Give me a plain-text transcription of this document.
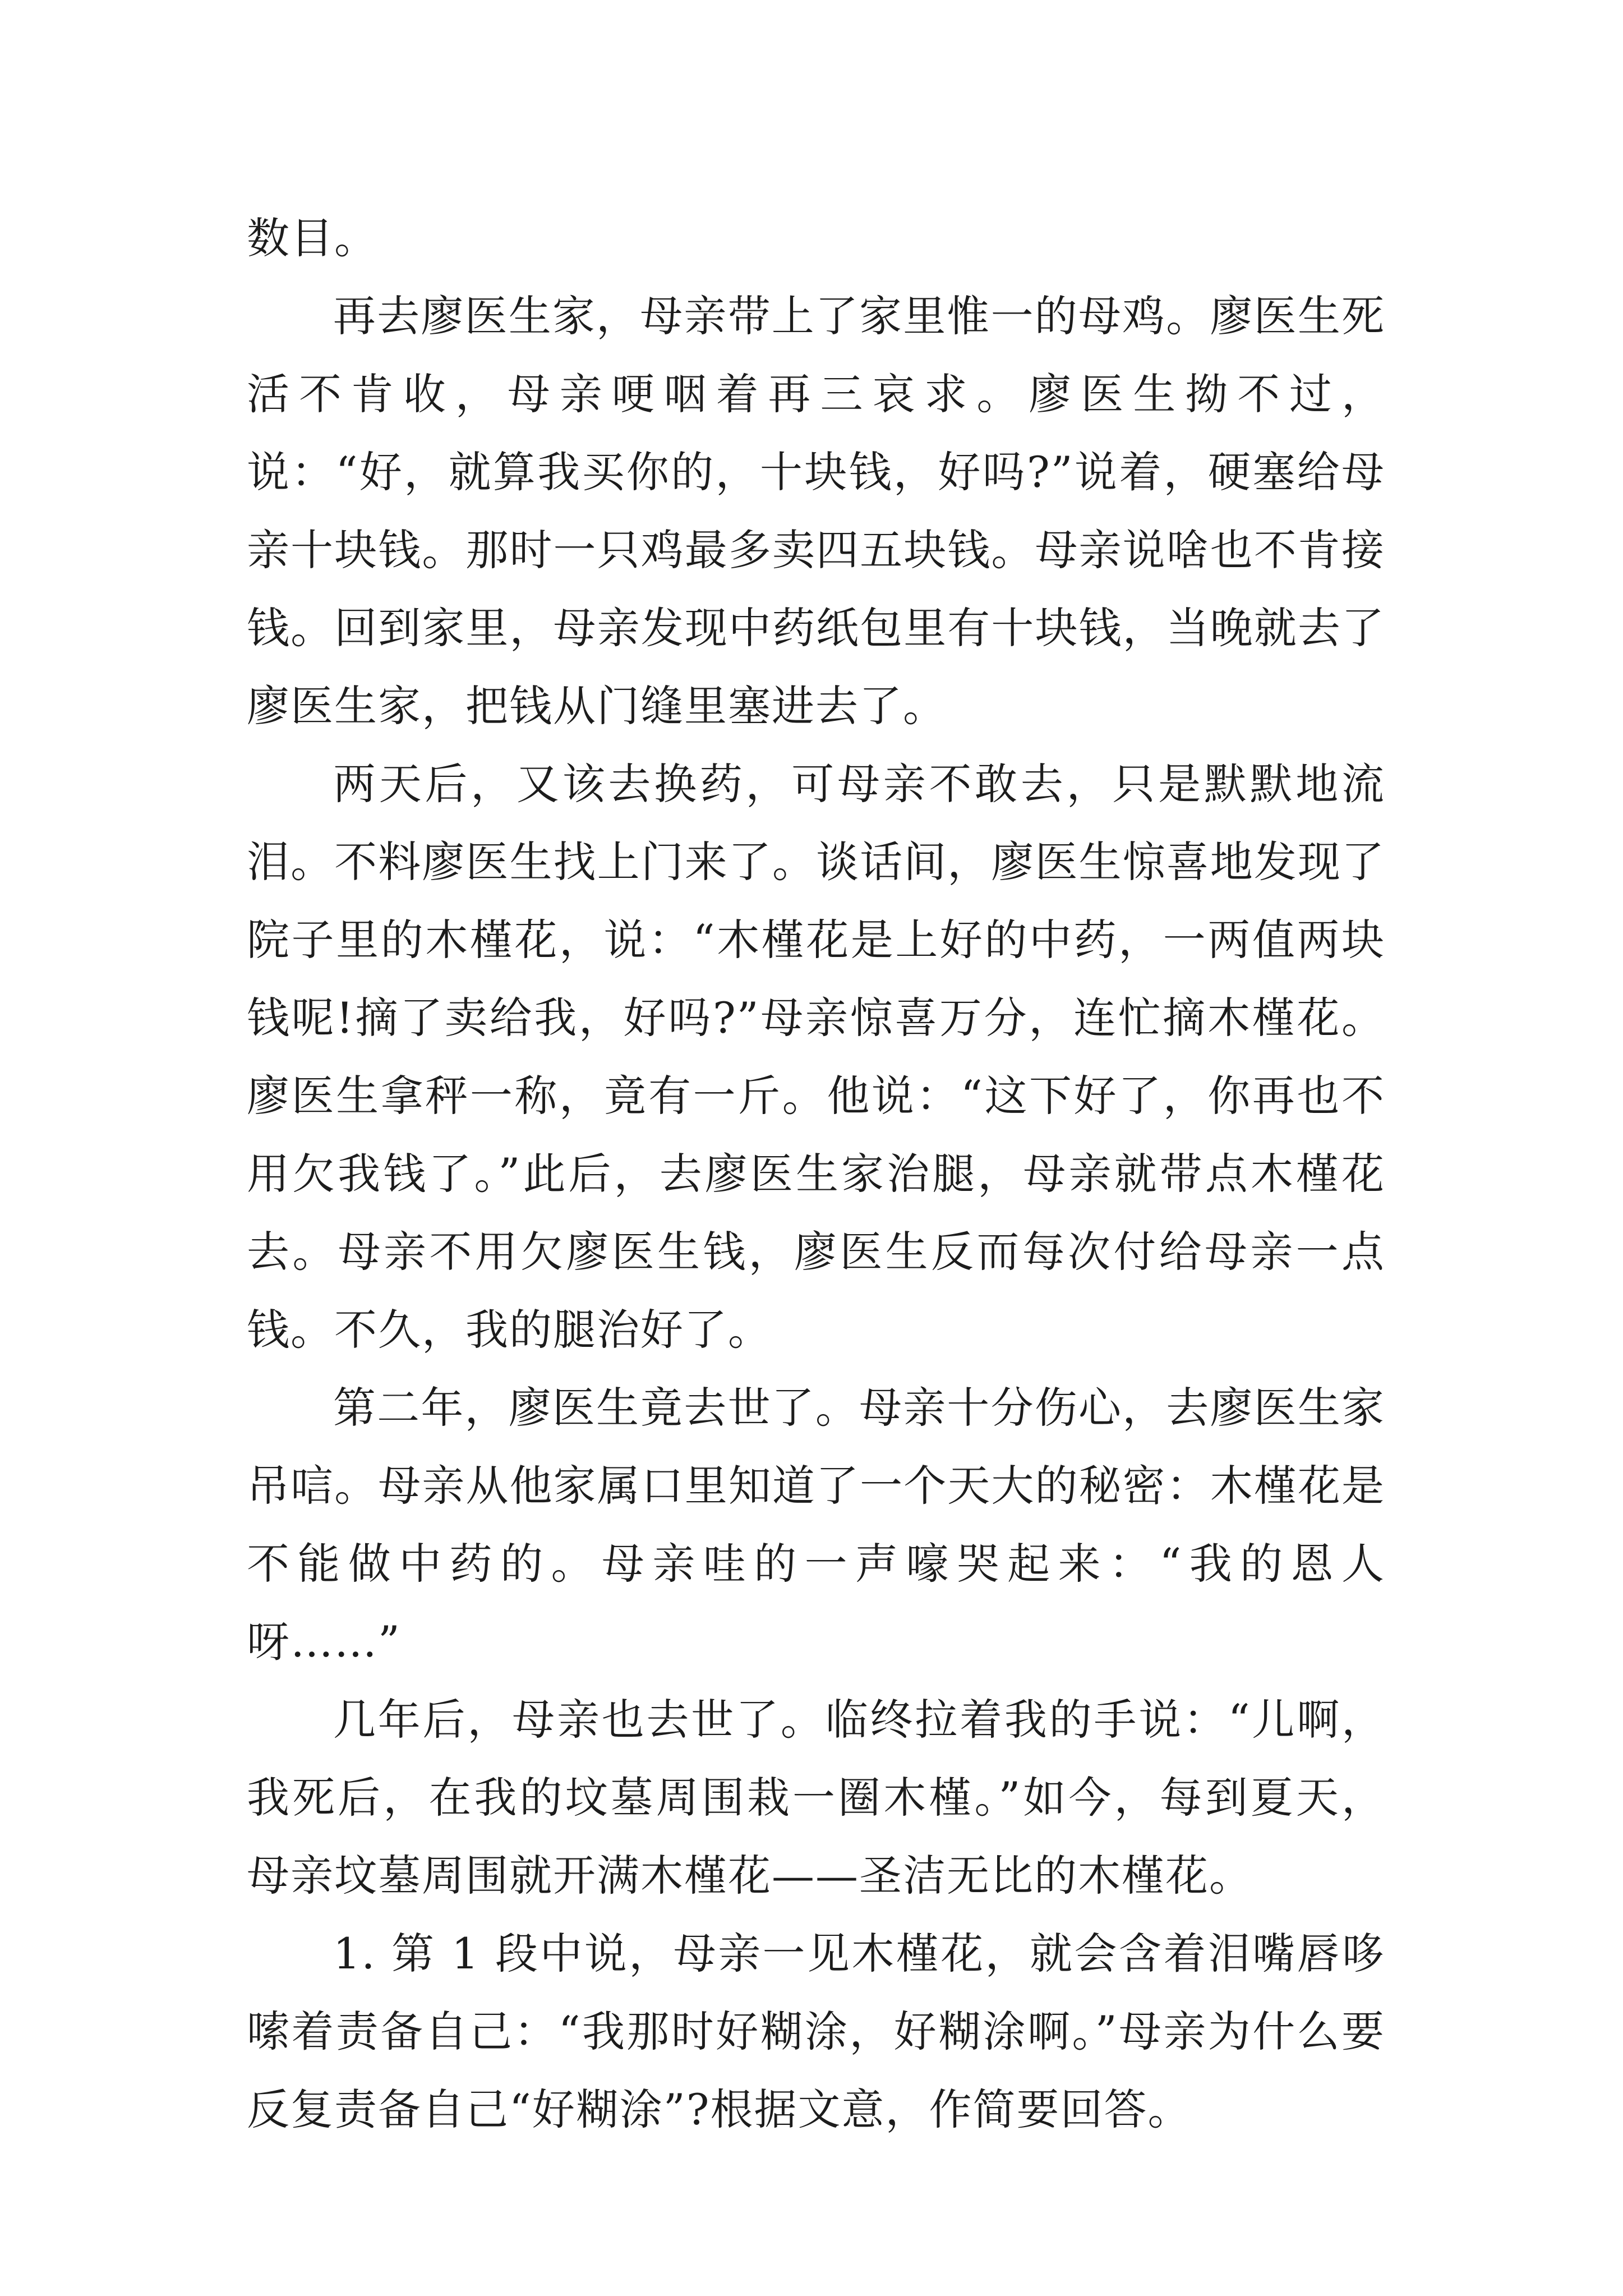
数目。

再去廖医生家，母亲带上了家里惟一的母鸡。廖医生死活不肯收，母亲哽咽着再三哀求。廖医生拗不过，说：“好，就算我买你的，十块钱，好吗?”说着，硬塞给母亲十块钱。那时一只鸡最多卖四五块钱。母亲说啥也不肯接钱。回到家里，母亲发现中药纸包里有十块钱，当晚就去了廖医生家，把钱从门缝里塞进去了。

两天后，又该去换药，可母亲不敢去，只是默默地流泪。不料廖医生找上门来了。谈话间，廖医生惊喜地发现了院子里的木槿花，说：“木槿花是上好的中药，一两值两块钱呢!摘了卖给我，好吗?”母亲惊喜万分，连忙摘木槿花。廖医生拿秤一称，竟有一斤。他说：“这下好了，你再也不用欠我钱了。”此后，去廖医生家治腿，母亲就带点木槿花去。母亲不用欠廖医生钱，廖医生反而每次付给母亲一点钱。不久，我的腿治好了。

第二年，廖医生竟去世了。母亲十分伤心，去廖医生家吊唁。母亲从他家属口里知道了一个天大的秘密：木槿花是不能做中药的。母亲哇的一声嚎哭起来：“我的恩人呀……”

几年后，母亲也去世了。临终拉着我的手说：“儿啊，我死后，在我的坟墓周围栽一圈木槿。”如今，每到夏天，母亲坟墓周围就开满木槿花——圣洁无比的木槿花。

1. 第 1 段中说，母亲一见木槿花，就会含着泪嘴唇哆嗦着责备自己：“我那时好糊涂，好糊涂啊。”母亲为什么要反复责备自己“好糊涂”?根据文意，作简要回答。
